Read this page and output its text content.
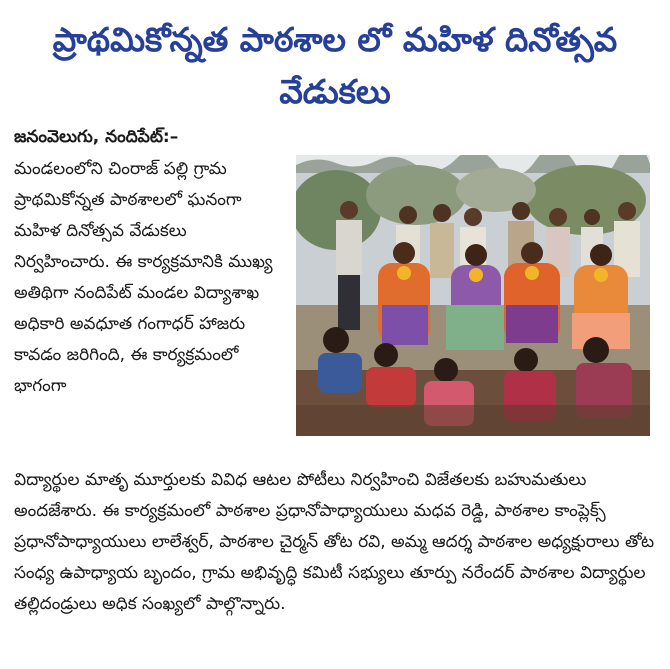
ప్రాథమికోన్నత పాఠశాల లో మహిళ దినోత్సవ వేడుకలు
జనంవెలుగు, నందిపేట్:–

మండలంలోని చింరాజ్ పల్లి గ్రామ ప్రాథమికోన్నత పాఠశాలలో ఘనంగా మహిళ దినోత్సవ వేడుకలు నిర్వహించారు. ఈ కార్యక్రమానికి ముఖ్య అతిథిగా నందిపేట్ మండల విద్యాశాఖ అధికారి అవధూత గంగాధర్ హాజరు కావడం జరిగింది, ఈ కార్యక్రమంలో భాగంగా

విద్యార్థుల మాతృ మూర్తులకు వివిధ ఆటల పోటీలు నిర్వహించి విజేతలకు బహుమతులు అందజేశారు. ఈ కార్యక్రమంలో పాఠశాల ప్రధానోపాధ్యాయులు మధవ రెడ్డి, పాఠశాల కాంప్లెక్స్ ప్రధానోపాధ్యాయులు లాలేశ్వర్, పాఠశాల చైర్మన్ తోట రవి, అమ్మ ఆదర్శ పాఠశాల అధ్యక్షురాలు తోట సంధ్య ఉపాధ్యాయ బృందం, గ్రామ అభివృద్ధి కమిటీ సభ్యులు తూర్పు నరేందర్ పాఠశాల విద్యార్థుల తల్లిదండ్రులు అధిక సంఖ్యలో పాల్గొన్నారు.
